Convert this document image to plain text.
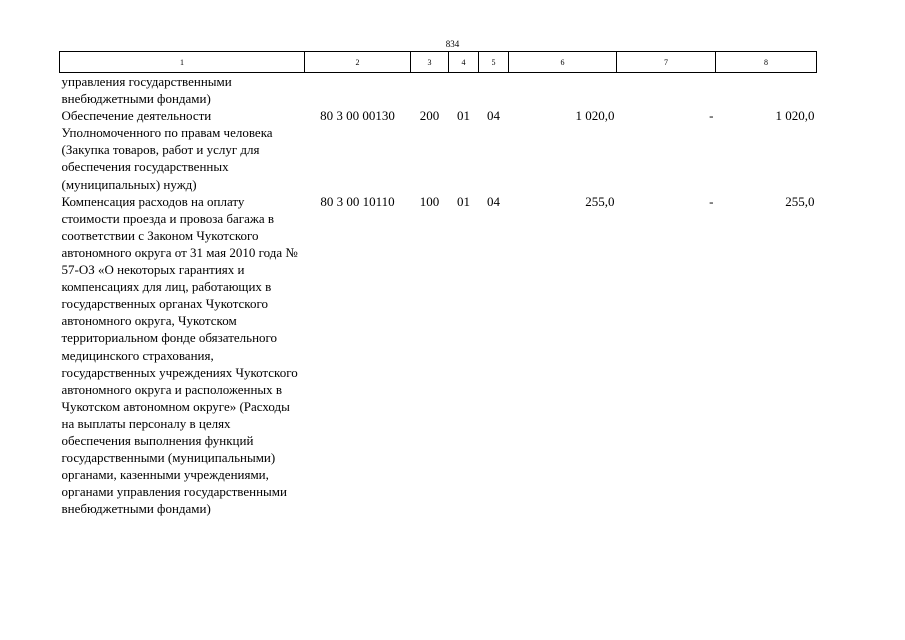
834
1	2	3	4	5	6	7	8
управления государственными внебюджетными фондами)							
Обеспечение деятельности Уполномоченного по правам человека (Закупка товаров, работ и услуг для обеспечения государственных (муниципальных) нужд)	80 3 00 00130	200	01	04	1 020,0	-	1 020,0
Компенсация расходов на оплату стоимости проезда и провоза багажа в соответствии с Законом Чукотского автономного округа от 31 мая 2010 года № 57-ОЗ «О некоторых гарантиях и компенсациях для лиц, работающих в государственных органах Чукотского автономного округа, Чукотском территориальном фонде обязательного медицинского страхования, государственных учреждениях Чукотского автономного округа и расположенных в Чукотском автономном округе» (Расходы на выплаты персоналу в целях обеспечения выполнения функций государственными (муниципальными) органами, казенными учреждениями, органами управления государственными внебюджетными фондами)	80 3 00 10110	100	01	04	255,0	-	255,0
